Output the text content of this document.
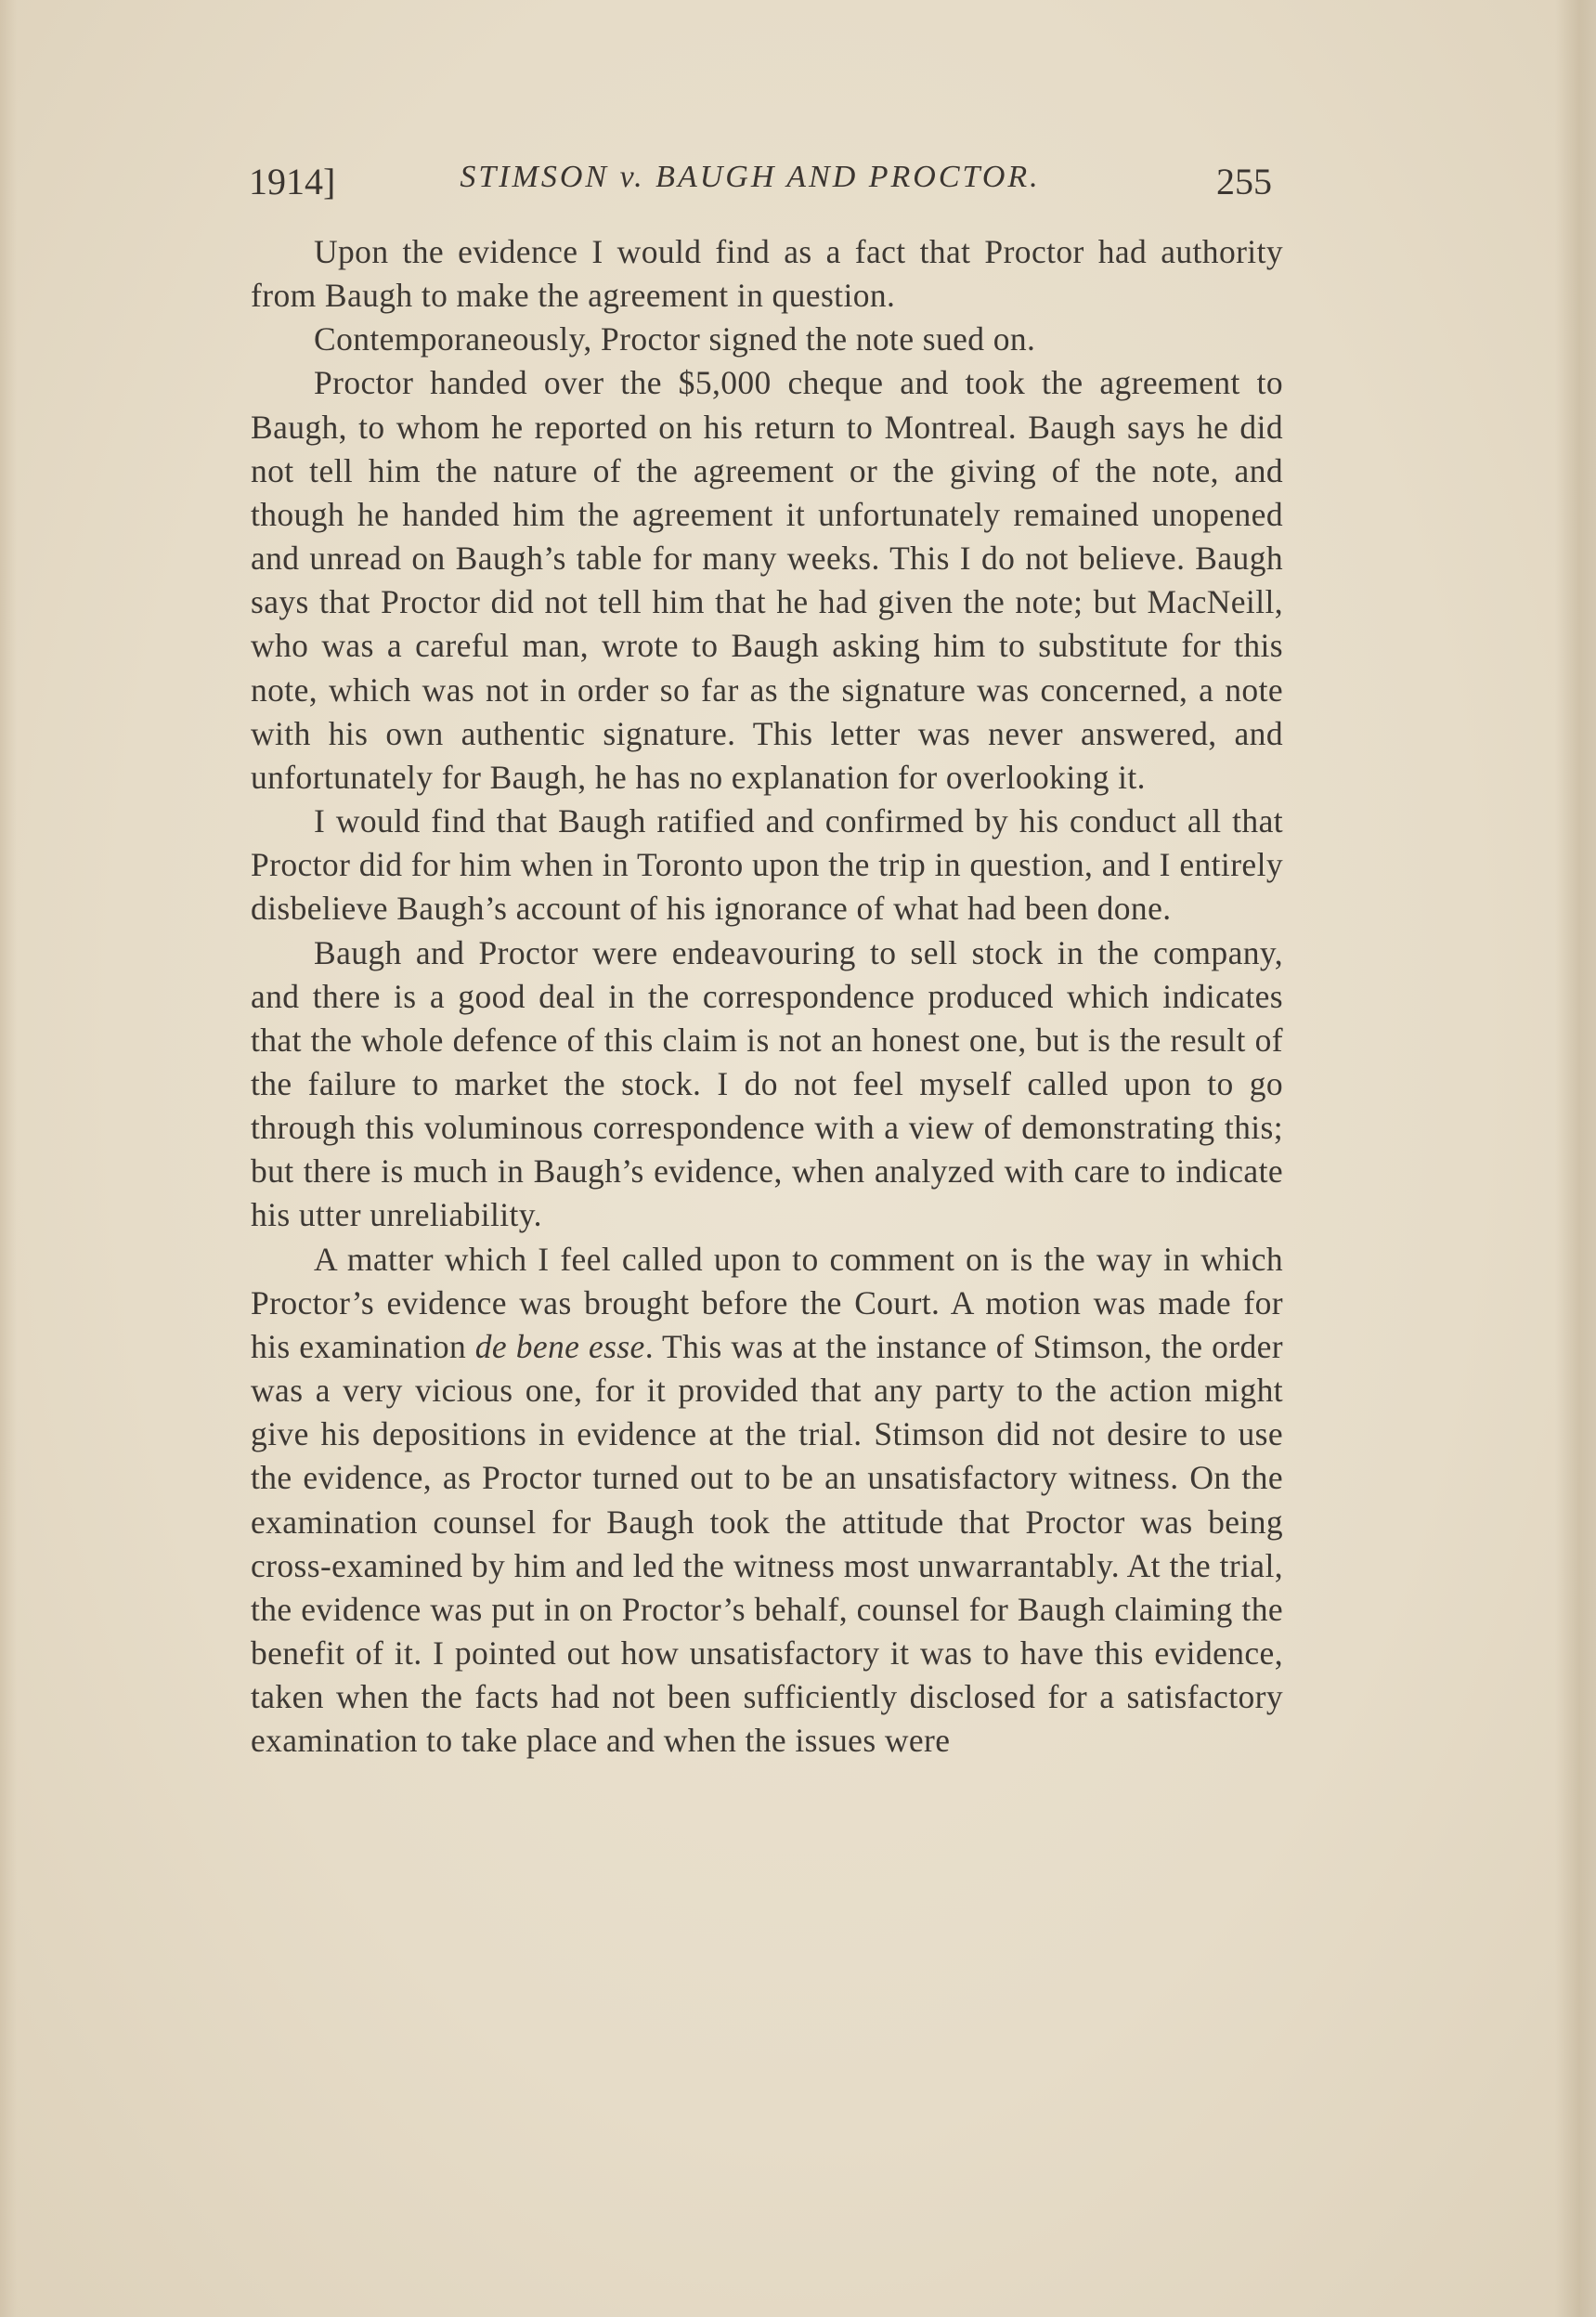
1914]	STIMSON v. BAUGH AND PROCTOR.	255

Upon the evidence I would find as a fact that Proctor had authority from Baugh to make the agreement in question.

Contemporaneously, Proctor signed the note sued on.

Proctor handed over the $5,000 cheque and took the agreement to Baugh, to whom he reported on his return to Montreal. Baugh says he did not tell him the nature of the agreement or the giving of the note, and though he handed him the agreement it unfortunately remained unopened and unread on Baugh’s table for many weeks. This I do not believe. Baugh says that Proctor did not tell him that he had given the note; but MacNeill, who was a careful man, wrote to Baugh asking him to substitute for this note, which was not in order so far as the signature was concerned, a note with his own authentic signature. This letter was never answered, and unfortunately for Baugh, he has no explanation for overlooking it.

I would find that Baugh ratified and confirmed by his conduct all that Proctor did for him when in Toronto upon the trip in question, and I entirely disbelieve Baugh’s account of his ignorance of what had been done.

Baugh and Proctor were endeavouring to sell stock in the company, and there is a good deal in the correspondence produced which indicates that the whole defence of this claim is not an honest one, but is the result of the failure to market the stock. I do not feel myself called upon to go through this voluminous correspondence with a view of demonstrating this; but there is much in Baugh’s evidence, when analyzed with care to indicate his utter unreliability.

A matter which I feel called upon to comment on is the way in which Proctor’s evidence was brought before the Court. A motion was made for his examination de bene esse. This was at the instance of Stimson, the order was a very vicious one, for it provided that any party to the action might give his depositions in evidence at the trial. Stimson did not desire to use the evidence, as Proctor turned out to be an unsatisfactory witness. On the examination counsel for Baugh took the attitude that Proctor was being cross-examined by him and led the witness most unwarrantably. At the trial, the evidence was put in on Proctor’s behalf, counsel for Baugh claiming the benefit of it. I pointed out how unsatisfactory it was to have this evidence, taken when the facts had not been sufficiently disclosed for a satisfactory examination to take place and when the issues were
